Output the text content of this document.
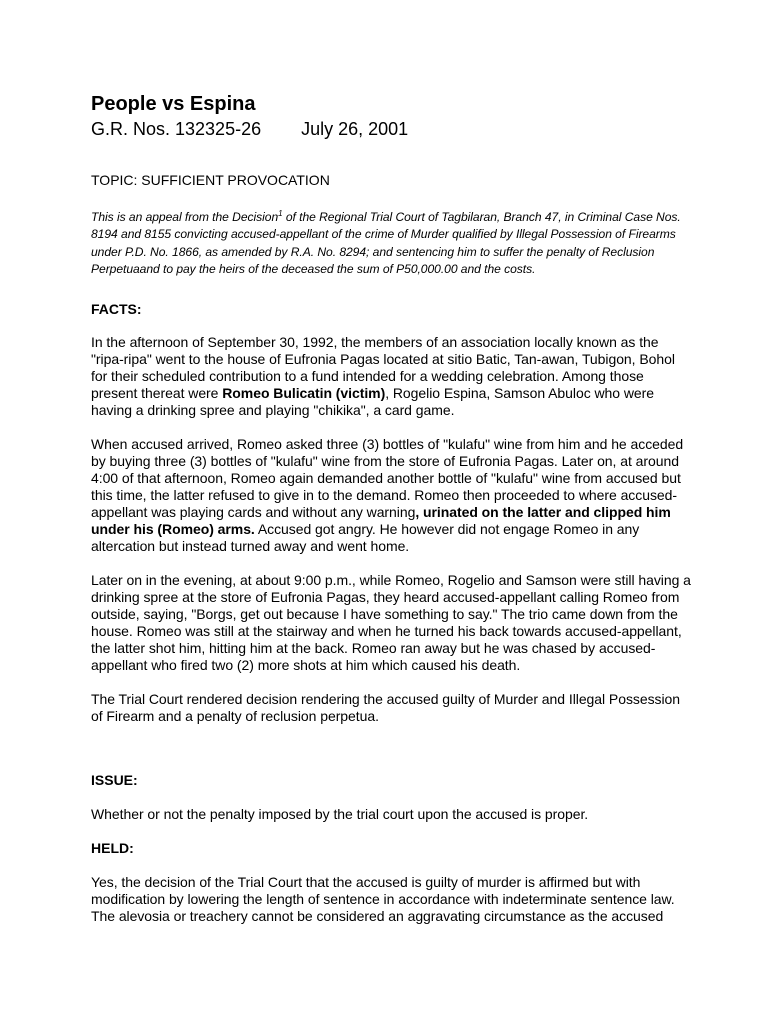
People vs Espina

G.R. Nos. 132325-26 July 26, 2001

TOPIC: SUFFICIENT PROVOCATION

This is an appeal from the Decision$^1$ of the Regional Trial Court of Tagbilaran, Branch 47, in Criminal Case Nos. 8194 and 8155 convicting accused-appellant of the crime of Murder qualified by Illegal Possession of Firearms under P.D. No. 1866, as amended by R.A. No. 8294; and sentencing him to suffer the penalty of Reclusion Perpetuaand to pay the heirs of the deceased the sum of P50,000.00 and the costs.

FACTS:

In the afternoon of September 30, 1992, the members of an association locally known as the "ripa-ripa" went to the house of Eufronia Pagas located at sitio Batic, Tan-awan, Tubigon, Bohol for their scheduled contribution to a fund intended for a wedding celebration. Among those present thereat were Romeo Bulicatin (victim), Rogelio Espina, Samson Abuloc who were having a drinking spree and playing "chikika", a card game.

When accused arrived, Romeo asked three (3) bottles of "kulafu" wine from him and he acceded by buying three (3) bottles of "kulafu" wine from the store of Eufronia Pagas. Later on, at around 4:00 of that afternoon, Romeo again demanded another bottle of "kulafu" wine from accused but this time, the latter refused to give in to the demand. Romeo then proceeded to where accused-appellant was playing cards and without any warning, urinated on the latter and clipped him under his (Romeo) arms. Accused got angry. He however did not engage Romeo in any altercation but instead turned away and went home.

Later on in the evening, at about 9:00 p.m., while Romeo, Rogelio and Samson were still having a drinking spree at the store of Eufronia Pagas, they heard accused-appellant calling Romeo from outside, saying, "Borgs, get out because I have something to say." The trio came down from the house. Romeo was still at the stairway and when he turned his back towards accused-appellant, the latter shot him, hitting him at the back. Romeo ran away but he was chased by accused-appellant who fired two (2) more shots at him which caused his death.

The Trial Court rendered decision rendering the accused guilty of Murder and Illegal Possession of Firearm and a penalty of reclusion perpetua.

ISSUE:

Whether or not the penalty imposed by the trial court upon the accused is proper.

HELD:

Yes, the decision of the Trial Court that the accused is guilty of murder is affirmed but with modification by lowering the length of sentence in accordance with indeterminate sentence law. The alevosia or treachery cannot be considered an aggravating circumstance as the accused
